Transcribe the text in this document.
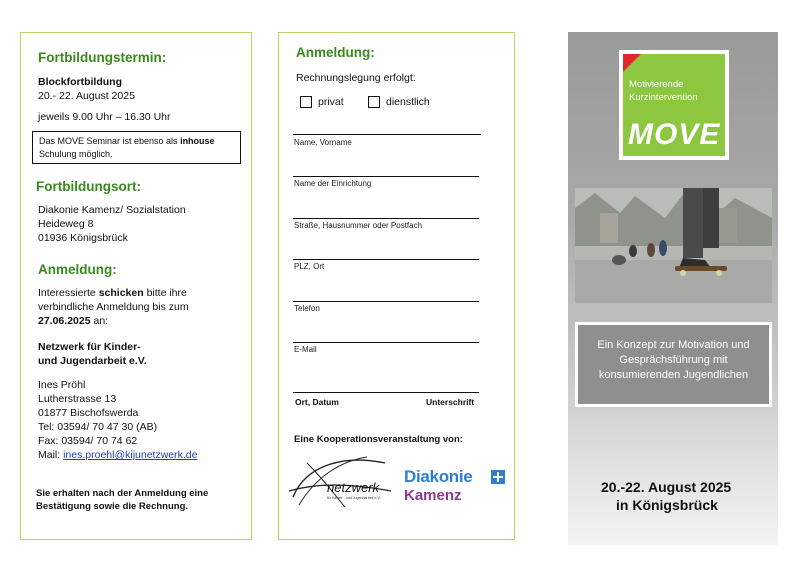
Fortbildungstermin:
Blockfortbildung
20.- 22. August 2025
jeweils 9.00 Uhr – 16.30 Uhr
Das MOVE Seminar ist ebenso als inhouse
Schulung möglich.
Fortbildungsort:
Diakonie Kamenz/ Sozialstation
Heideweg 8
01936 Königsbrück
Anmeldung:
Interessierte schicken bitte ihre verbindliche Anmeldung bis zum
27.06.2025 an:
Netzwerk für Kinder-
und Jugendarbeit e.V.
Ines Pröhl
Lutherstrasse 13
01877 Bischofswerda
Tel: 03594/ 70 47 30 (AB)
Fax: 03594/ 70 74 62
Mail: ines.proehl@kijunetzwerk.de
Sie erhalten nach der Anmeldung eine
Bestätigung sowie die Rechnung.
Anmeldung:
Rechnungslegung erfolgt:
privat	dienstlich
Name, Vorname
Name der Einrichtung
Straße, Hausnummer oder Postfach
PLZ, Ort
Telefon
E-Mail
Ort, Datum	Unterschrift
Eine Kooperationsveranstaltung von:
netzwerk
für Kinder - und Jugendarbeit e.V.
Diakonie
Kamenz
Motivierende
Kurzintervention
MOVE
Ein Konzept zur Motivation und Gesprächsführung mit konsumierenden Jugendlichen
20.-22. August 2025
in Königsbrück
